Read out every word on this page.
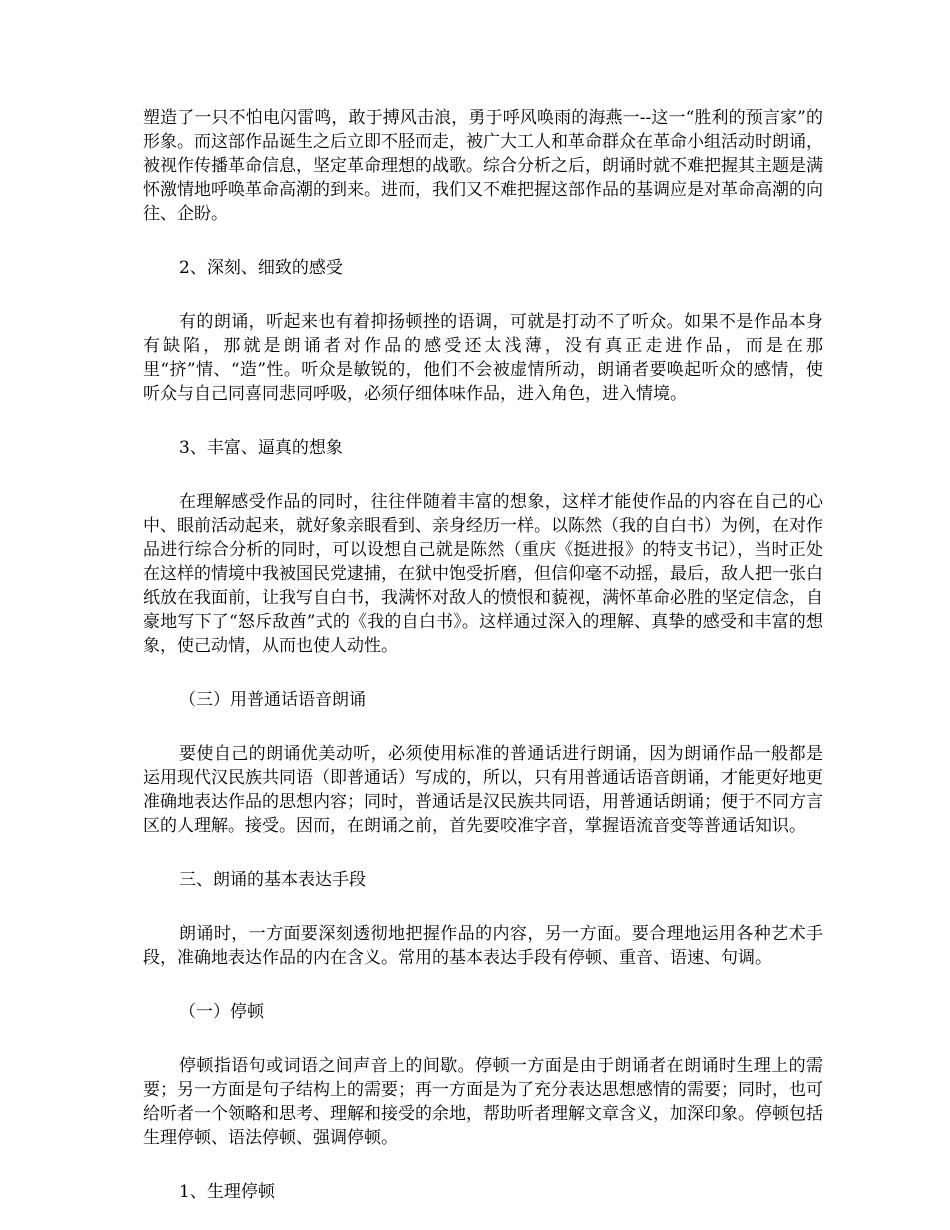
塑造了一只不怕电闪雷鸣，敢于搏风击浪，勇于呼风唤雨的海燕一--这一“胜利的预言家”的形象。而这部作品诞生之后立即不胫而走，被广大工人和革命群众在革命小组活动时朗诵，被视作传播革命信息，坚定革命理想的战歌。综合分析之后，朗诵时就不难把握其主题是满怀激情地呼唤革命高潮的到来。进而，我们又不难把握这部作品的基调应是对革命高潮的向往、企盼。

2、深刻、细致的感受

有的朗诵，听起来也有着抑扬顿挫的语调，可就是打动不了听众。如果不是作品本身有缺陷，那就是朗诵者对作品的感受还太浅薄，没有真正走进作品，而是在那里“挤”情、“造”性。听众是敏锐的，他们不会被虚情所动，朗诵者要唤起听众的感情，使听众与自己同喜同悲同呼吸，必须仔细体味作品，进入角色，进入情境。

3、丰富、逼真的想象

在理解感受作品的同时，往往伴随着丰富的想象，这样才能使作品的内容在自己的心中、眼前活动起来，就好象亲眼看到、亲身经历一样。以陈然（我的自白书）为例，在对作品进行综合分析的同时，可以设想自己就是陈然（重庆《挺进报》的特支书记），当时正处在这样的情境中我被国民党逮捕，在狱中饱受折磨，但信仰毫不动摇，最后，敌人把一张白纸放在我面前，让我写自白书，我满怀对敌人的愤恨和藐视，满怀革命必胜的坚定信念，自豪地写下了“怒斥敌酋”式的《我的自白书》。这样通过深入的理解、真挚的感受和丰富的想象，使己动情，从而也使人动性。

（三）用普通话语音朗诵

要使自己的朗诵优美动听，必须使用标准的普通话进行朗诵，因为朗诵作品一般都是运用现代汉民族共同语（即普通话）写成的，所以，只有用普通话语音朗诵，才能更好地更准确地表达作品的思想内容；同时，普通话是汉民族共同语，用普通话朗诵；便于不同方言区的人理解。接受。因而，在朗诵之前，首先要咬准字音，掌握语流音变等普通话知识。

三、朗诵的基本表达手段

朗诵时，一方面要深刻透彻地把握作品的内容，另一方面。要合理地运用各种艺术手段，准确地表达作品的内在含义。常用的基本表达手段有停顿、重音、语速、句调。

（一）停顿

停顿指语句或词语之间声音上的间歇。停顿一方面是由于朗诵者在朗诵时生理上的需要；另一方面是句子结构上的需要；再一方面是为了充分表达思想感情的需要；同时，也可给听者一个领略和思考、理解和接受的余地，帮助听者理解文章含义，加深印象。停顿包括生理停顿、语法停顿、强调停顿。

1、生理停顿
